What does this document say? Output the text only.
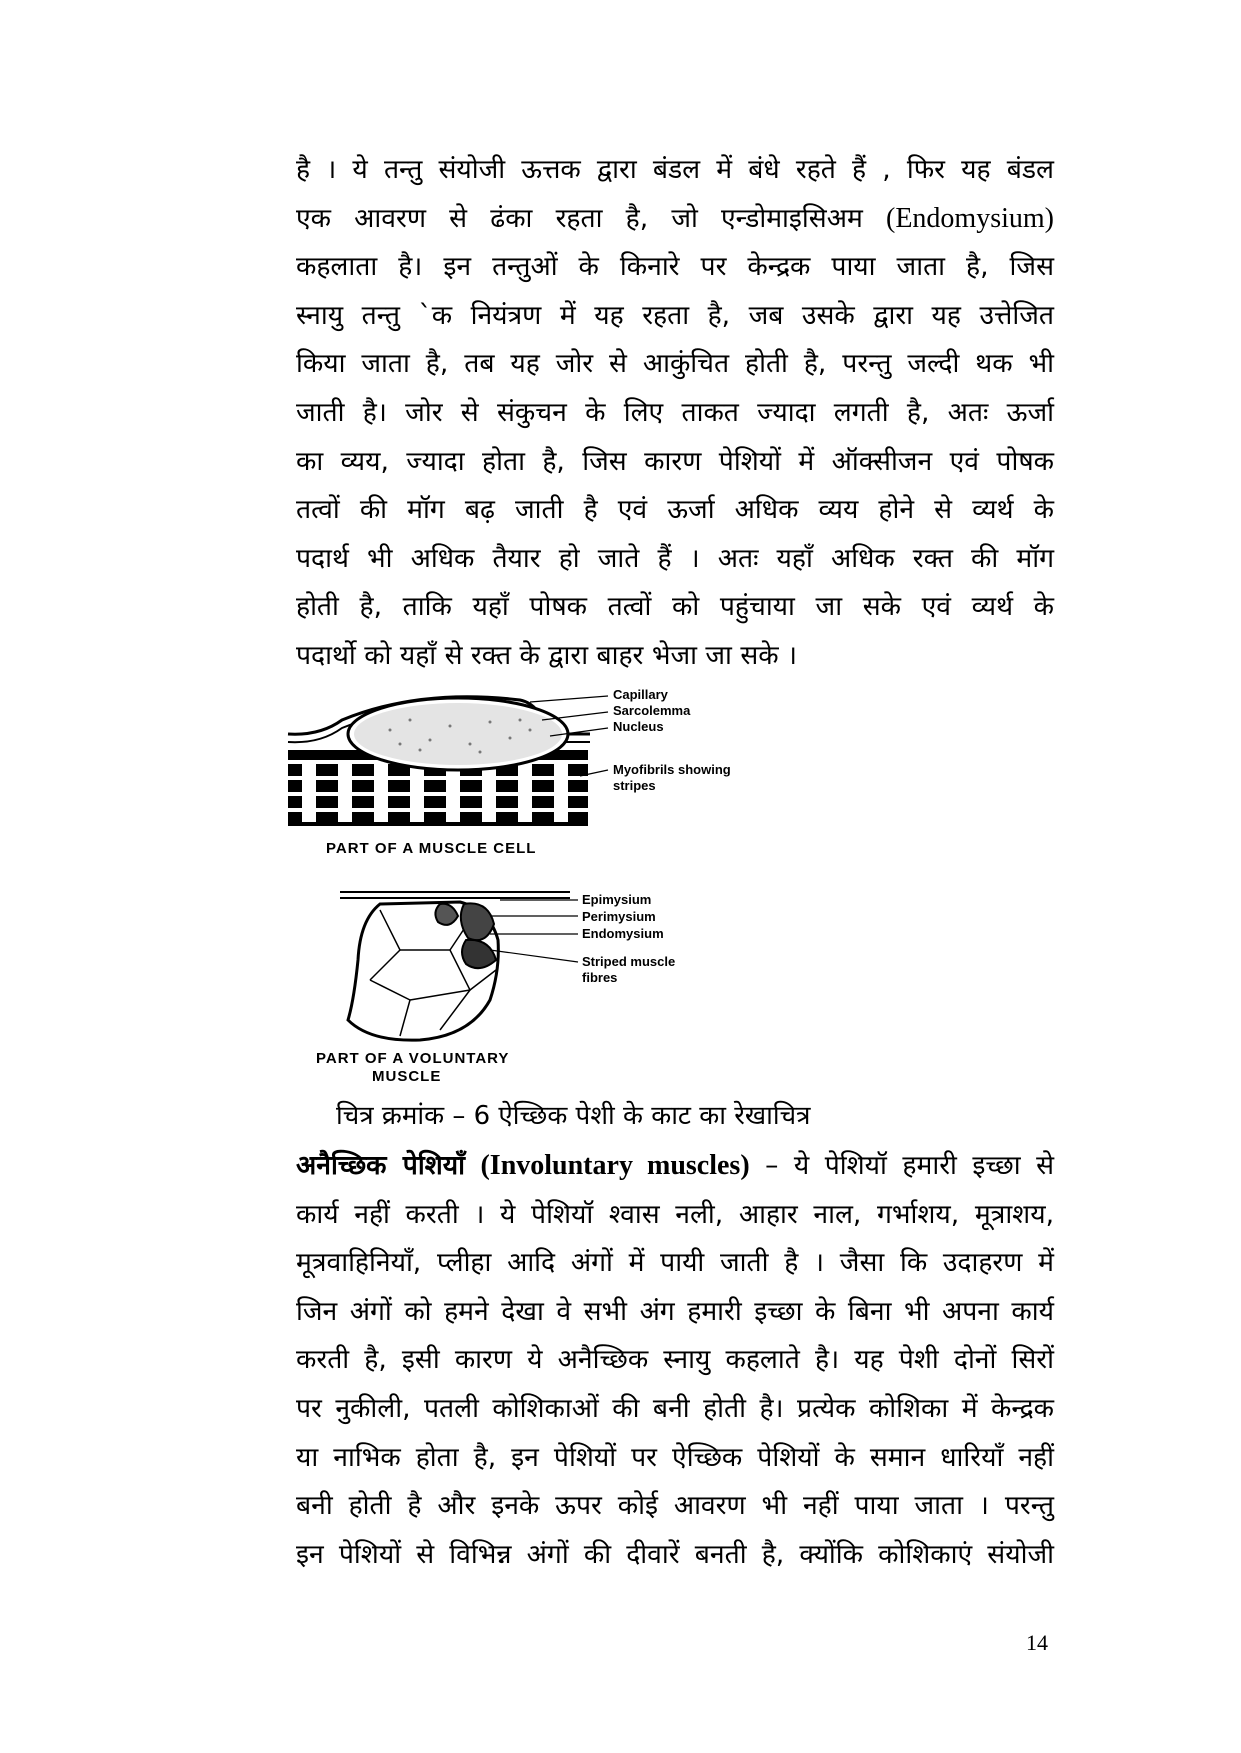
है । ये तन्तु संयोजी ऊत्तक द्वारा बंडल में बंधे रहते हैं , फिर यह बंडल
एक आवरण से ढंका रहता है, जो एन्डोमाइसिअम (Endomysium)
कहलाता है। इन तन्तुओं के किनारे पर केन्द्रक पाया जाता है, जिस
स्नायु तन्तु `क नियंत्रण में यह रहता है, जब उसके द्वारा यह उत्तेजित
किया जाता है, तब यह जोर से आकुंचित होती है, परन्तु जल्दी थक भी
जाती है। जोर से संकुचन के लिए ताकत ज्यादा लगती है, अतः ऊर्जा
का व्यय, ज्यादा होता है, जिस कारण पेशियों में ऑक्सीजन एवं पोषक
तत्वों की मॉग बढ़ जाती है एवं ऊर्जा अधिक व्यय होने से व्यर्थ के
पदार्थ भी अधिक तैयार हो जाते हैं । अतः यहॉं अधिक रक्त की मॉग
होती है, ताकि यहॉं पोषक तत्वों को पहुंचाया जा सके एवं व्यर्थ के
पदार्थो को यहॉं से रक्त के द्वारा बाहर भेजा जा सके ।
Capillary
Sarcolemma
Nucleus
Myofibrils showing
stripes
PART OF A MUSCLE CELL
Epimysium
Perimysium
Endomysium
Striped muscle
fibres
PART OF A VOLUNTARY
MUSCLE
चित्र क्रमांक – 6 ऐच्छिक पेशी के काट का रेखाचित्र
अनैच्छिक पेशियॉं (Involuntary muscles) – ये पेशियॉ हमारी इच्छा से
कार्य नहीं करती । ये पेशियॉ श्वास नली, आहार नाल, गर्भाशय, मूत्राशय,
मूत्रवाहिनियॉं, प्लीहा आदि अंगों में पायी जाती है । जैसा कि उदाहरण में
जिन अंगों को हमने देखा वे सभी अंग हमारी इच्छा के बिना भी अपना कार्य
करती है, इसी कारण ये अनैच्छिक स्नायु कहलाते है। यह पेशी दोनों सिरों
पर नुकीली, पतली कोशिकाओं की बनी होती है। प्रत्येक कोशिका में केन्द्रक
या नाभिक होता है, इन पेशियों पर ऐच्छिक पेशियों के समान धारियॉं नहीं
बनी होती है और इनके ऊपर कोई आवरण भी नहीं पाया जाता । परन्तु
इन पेशियों से विभिन्न अंगों की दीवारें बनती है, क्योंकि कोशिकाएं संयोजी
14
